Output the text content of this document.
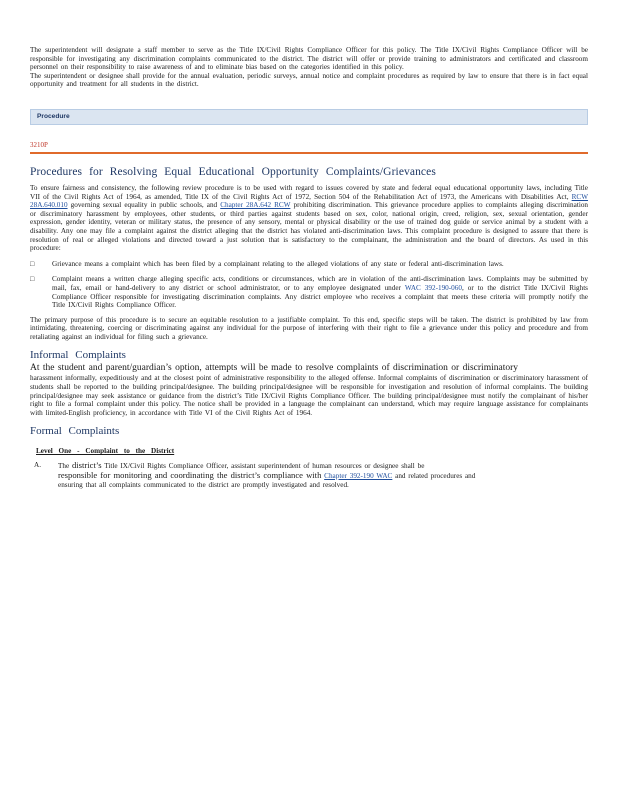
The superintendent will designate a staff member to serve as the Title IX/Civil Rights Compliance Officer for this policy. The Title IX/Civil Rights Compliance Officer will be responsible for investigating any discrimination complaints communicated to the district. The district will offer or provide training to administrators and certificated and classroom personnel on their responsibility to raise awareness of and to eliminate bias based on the categories identified in this policy.

The superintendent or designee shall provide for the annual evaluation, periodic surveys, annual notice and complaint procedures as required by law to ensure that there is in fact equal opportunity and treatment for all students in the district.

Procedure
3210P
Procedures for Resolving Equal Educational Opportunity Complaints/Grievances

To ensure fairness and consistency, the following review procedure is to be used with regard to issues covered by state and federal equal educational opportunity laws, including Title VII of the Civil Rights Act of 1964, as amended, Title IX of the Civil Rights Act of 1972, Section 504 of the Rehabilitation Act of 1973, the Americans with Disabilities Act, RCW 28A.640.010 governing sexual equality in public schools, and Chapter 28A.642 RCW prohibiting discrimination. This grievance procedure applies to complaints alleging discrimination or discriminatory harassment by employees, other students, or third parties against students based on sex, color, national origin, creed, religion, sex, sexual orientation, gender expression, gender identity, veteran or military status, the presence of any sensory, mental or physical disability or the use of trained dog guide or service animal by a student with a disability. Any one may file a complaint against the district alleging that the district has violated anti-discrimination laws. This complaint procedure is designed to assure that there is resolution of real or alleged violations and directed toward a just solution that is satisfactory to the complainant, the administration and the board of directors. As used in this procedure:

□	Grievance means a complaint which has been filed by a complainant relating to the alleged violations of any state or federal anti-discrimination laws.

□	Complaint means a written charge alleging specific acts, conditions or circumstances, which are in violation of the anti-discrimination laws. Complaints may be submitted by mail, fax, email or hand-delivery to any district or school administrator, or to any employee designated under WAC 392-190-060, or to the district Title IX/Civil Rights Compliance Officer responsible for investigating discrimination complaints. Any district employee who receives a complaint that meets these criteria will promptly notify the Title IX/Civil Rights Compliance Officer.

The primary purpose of this procedure is to secure an equitable resolution to a justifiable complaint. To this end, specific steps will be taken. The district is prohibited by law from intimidating, threatening, coercing or discriminating against any individual for the purpose of interfering with their right to file a grievance under this policy and procedure and from retaliating against an individual for filing such a grievance.

Informal Complaints

At the student and parent/guardian’s option, attempts will be made to resolve complaints of discrimination or discriminatory

harassment informally, expeditiously and at the closest point of administrative responsibility to the alleged offense. Informal complaints of discrimination or discriminatory harassment of students shall be reported to the building principal/designee. The building principal/designee will be responsible for investigation and resolution of informal complaints. The building principal/designee may seek assistance or guidance from the district’s Title IX/Civil Rights Compliance Officer. The building principal/designee must notify the complainant of his/her right to file a formal complaint under this policy. The notice shall be provided in a language the complainant can understand, which may require language assistance for complainants with limited-English proficiency, in accordance with Title VI of the Civil Rights Act of 1964.

Formal Complaints
Level One - Complaint to the District
A.	The district’s Title IX/Civil Rights Compliance Officer, assistant superintendent of human resources or designee shall be

responsible for monitoring and coordinating the district’s compliance with Chapter 392-190 WAC and related procedures and

ensuring that all complaints communicated to the district are promptly investigated and resolved.
